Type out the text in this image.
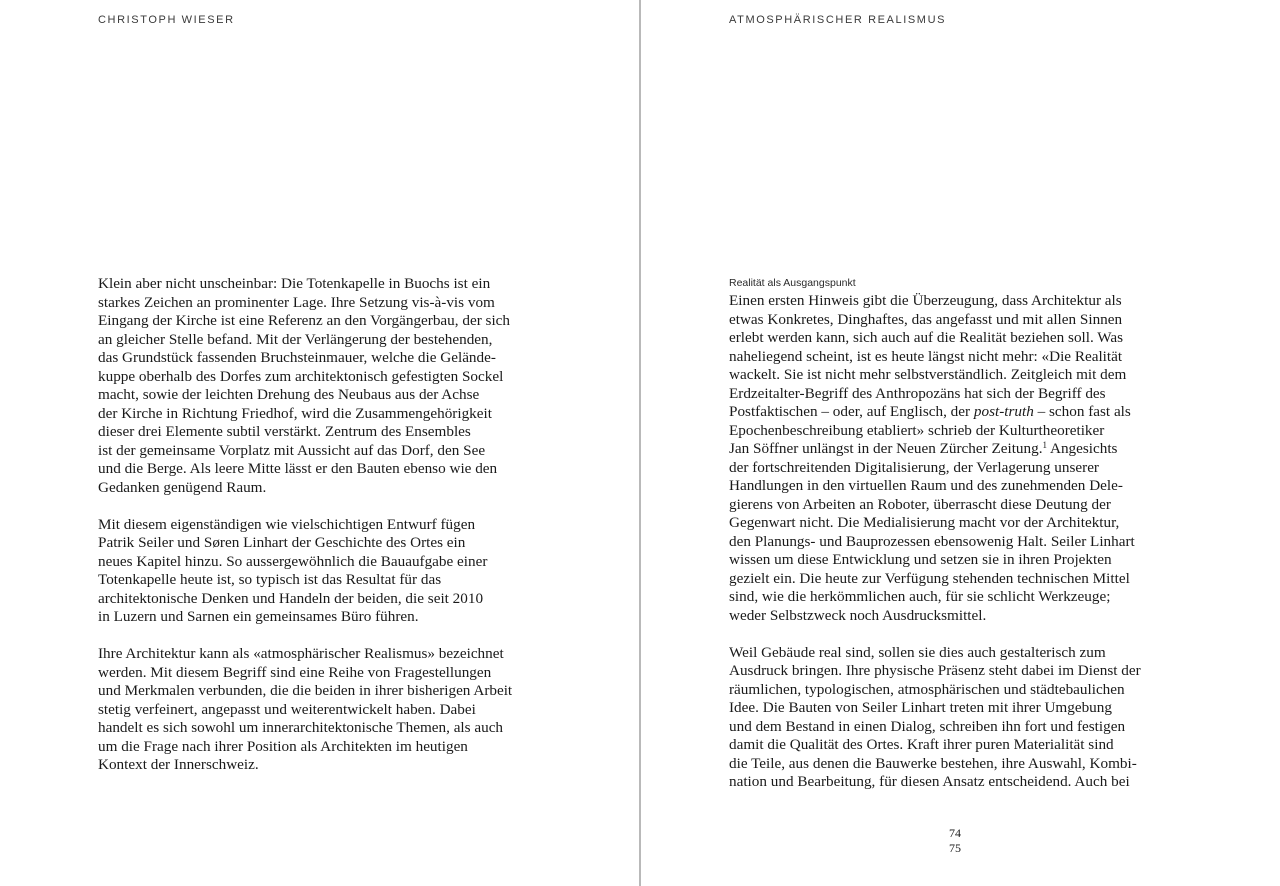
CHRISTOPH WIESER

Klein aber nicht unscheinbar: Die Totenkapelle in Buochs ist ein
starkes Zeichen an prominenter Lage. Ihre Setzung vis-à-vis vom
Eingang der Kirche ist eine Referenz an den Vorgängerbau, der sich
an gleicher Stelle befand. Mit der Verlängerung der bestehenden,
das Grundstück fassenden Bruchsteinmauer, welche die Gelände-
kuppe oberhalb des Dorfes zum architektonisch gefestigten Sockel
macht, sowie der leichten Drehung des Neubaus aus der Achse
der Kirche in Richtung Friedhof, wird die Zusammengehörigkeit
dieser drei Elemente subtil verstärkt. Zentrum des Ensembles
ist der gemeinsame Vorplatz mit Aussicht auf das Dorf, den See
und die Berge. Als leere Mitte lässt er den Bauten ebenso wie den
Gedanken genügend Raum.

Mit diesem eigenständigen wie vielschichtigen Entwurf fügen
Patrik Seiler und Søren Linhart der Geschichte des Ortes ein
neues Kapitel hinzu. So aussergewöhnlich die Bauaufgabe einer
Totenkapelle heute ist, so typisch ist das Resultat für das
architektonische Denken und Handeln der beiden, die seit 2010
in Luzern und Sarnen ein gemeinsames Büro führen.

Ihre Architektur kann als «atmosphärischer Realismus» bezeichnet
werden. Mit diesem Begriff sind eine Reihe von Fragestellungen
und Merkmalen verbunden, die die beiden in ihrer bisherigen Arbeit
stetig verfeinert, angepasst und weiterentwickelt haben. Dabei
handelt es sich sowohl um innerarchitektonische Themen, als auch
um die Frage nach ihrer Position als Architekten im heutigen
Kontext der Innerschweiz.

ATMOSPHÄRISCHER REALISMUS
Realität als Ausgangspunkt

Einen ersten Hinweis gibt die Überzeugung, dass Architektur als
etwas Konkretes, Dinghaftes, das angefasst und mit allen Sinnen
erlebt werden kann, sich auch auf die Realität beziehen soll. Was
naheliegend scheint, ist es heute längst nicht mehr: «Die Realität
wackelt. Sie ist nicht mehr selbstverständlich. Zeitgleich mit dem
Erdzeitalter-Begriff des Anthropozäns hat sich der Begriff des
Postfaktischen – oder, auf Englisch, der post-truth – schon fast als
Epochenbeschreibung etabliert» schrieb der Kulturtheoretiker
Jan Söffner unlängst in der Neuen Zürcher Zeitung.$^1$ Angesichts
der fortschreitenden Digitalisierung, der Verlagerung unserer
Handlungen in den virtuellen Raum und des zunehmenden Dele-
gierens von Arbeiten an Roboter, überrascht diese Deutung der
Gegenwart nicht. Die Medialisierung macht vor der Architektur,
den Planungs- und Bauprozessen ebensowenig Halt. Seiler Linhart
wissen um diese Entwicklung und setzen sie in ihren Projekten
gezielt ein. Die heute zur Verfügung stehenden technischen Mittel
sind, wie die herkömmlichen auch, für sie schlicht Werkzeuge;
weder Selbstzweck noch Ausdrucksmittel.

Weil Gebäude real sind, sollen sie dies auch gestalterisch zum
Ausdruck bringen. Ihre physische Präsenz steht dabei im Dienst der
räumlichen, typologischen, atmosphärischen und städtebaulichen
Idee. Die Bauten von Seiler Linhart treten mit ihrer Umgebung
und dem Bestand in einen Dialog, schreiben ihn fort und festigen
damit die Qualität des Ortes. Kraft ihrer puren Materialität sind
die Teile, aus denen die Bauwerke bestehen, ihre Auswahl, Kombi-
nation und Bearbeitung, für diesen Ansatz entscheidend. Auch bei

74
75
